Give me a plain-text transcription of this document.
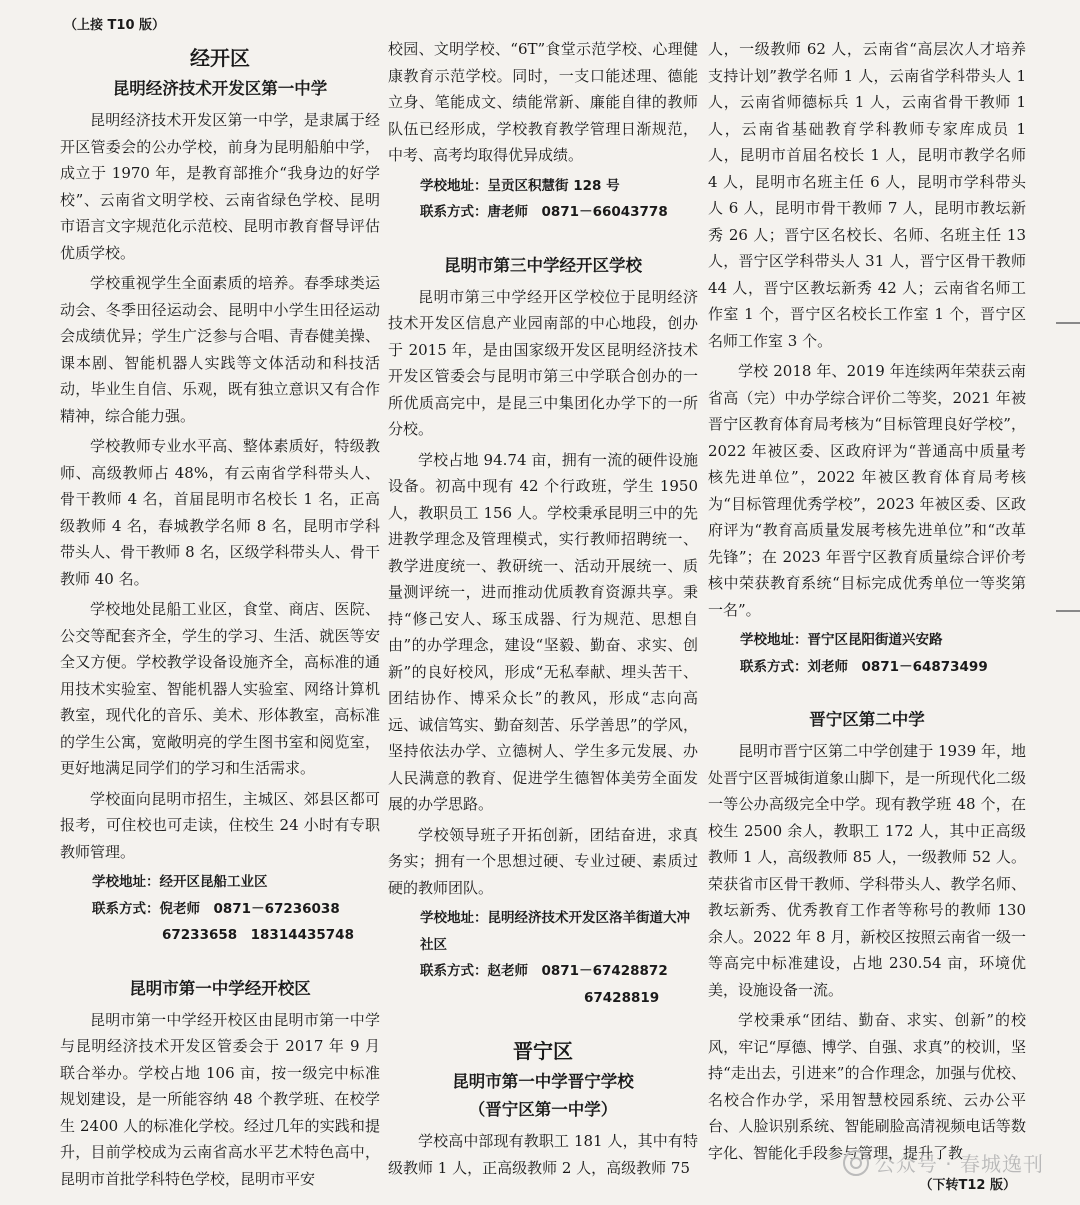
（上接 T10 版）
经开区
昆明经济技术开发区第一中学

昆明经济技术开发区第一中学，是隶属于经开区管委会的公办学校，前身为昆明船舶中学，成立于 1970 年，是教育部推介“我身边的好学校”、云南省文明学校、云南省绿色学校、昆明市语言文字规范化示范校、昆明市教育督导评估优质学校。

学校重视学生全面素质的培养。春季球类运动会、冬季田径运动会、昆明中小学生田径运动会成绩优异；学生广泛参与合唱、青春健美操、课本剧、智能机器人实践等文体活动和科技活动，毕业生自信、乐观，既有独立意识又有合作精神，综合能力强。

学校教师专业水平高、整体素质好，特级教师、高级教师占 48%，有云南省学科带头人、骨干教师 4 名，首届昆明市名校长 1 名，正高级教师 4 名，春城教学名师 8 名，昆明市学科带头人、骨干教师 8 名，区级学科带头人、骨干教师 40 名。

学校地处昆船工业区，食堂、商店、医院、公交等配套齐全，学生的学习、生活、就医等安全又方便。学校教学设备设施齐全，高标准的通用技术实验室、智能机器人实验室、网络计算机教室，现代化的音乐、美术、形体教室，高标准的学生公寓，宽敞明亮的学生图书室和阅览室，更好地满足同学们的学习和生活需求。

学校面向昆明市招生，主城区、郊县区都可报考，可住校也可走读，住校生 24 小时有专职教师管理。

学校地址：经开区昆船工业区

联系方式：倪老师　0871－67236038

67233658　18314435748

昆明市第一中学经开校区

昆明市第一中学经开校区由昆明市第一中学与昆明经济技术开发区管委会于 2017 年 9 月联合举办。学校占地 106 亩，按一级完中标准规划建设，是一所能容纳 48 个教学班、在校学生 2400 人的标准化学校。经过几年的实践和提升，目前学校成为云南省高水平艺术特色高中，昆明市首批学科特色学校，昆明市平安

校园、文明学校、“6T”食堂示范学校、心理健康教育示范学校。同时，一支口能述理、德能立身、笔能成文、绩能常新、廉能自律的教师队伍已经形成，学校教育教学管理日渐规范，中考、高考均取得优异成绩。

学校地址：呈贡区积慧街 128 号

联系方式：唐老师　0871－66043778

昆明市第三中学经开区学校

昆明市第三中学经开区学校位于昆明经济技术开发区信息产业园南部的中心地段，创办于 2015 年，是由国家级开发区昆明经济技术开发区管委会与昆明市第三中学联合创办的一所优质高完中，是昆三中集团化办学下的一所分校。

学校占地 94.74 亩，拥有一流的硬件设施设备。初高中现有 42 个行政班，学生 1950 人，教职员工 156 人。学校秉承昆明三中的先进教学理念及管理模式，实行教师招聘统一、教学进度统一、教研统一、活动开展统一、质量测评统一，进而推动优质教育资源共享。秉持“修己安人、琢玉成器、行为规范、思想自由”的办学理念，建设“坚毅、勤奋、求实、创新”的良好校风，形成“无私奉献、埋头苦干、团结协作、博采众长”的教风，形成“志向高远、诚信笃实、勤奋刻苦、乐学善思”的学风，坚持依法办学、立德树人、学生多元发展、办人民满意的教育、促进学生德智体美劳全面发展的办学思路。

学校领导班子开拓创新，团结奋进，求真务实；拥有一个思想过硬、专业过硬、素质过硬的教师团队。

学校地址：昆明经济技术开发区洛羊街道大冲社区

联系方式：赵老师　0871－67428872

67428819

晋宁区
昆明市第一中学晋宁学校
（晋宁区第一中学）

学校高中部现有教职工 181 人，其中有特级教师 1 人，正高级教师 2 人，高级教师 75

人，一级教师 62 人，云南省“高层次人才培养支持计划”教学名师 1 人，云南省学科带头人 1 人，云南省师德标兵 1 人，云南省骨干教师 1 人，云南省基础教育学科教师专家库成员 1 人，昆明市首届名校长 1 人，昆明市教学名师 4 人，昆明市名班主任 6 人，昆明市学科带头人 6 人，昆明市骨干教师 7 人，昆明市教坛新秀 26 人；晋宁区名校长、名师、名班主任 13 人，晋宁区学科带头人 31 人，晋宁区骨干教师 44 人，晋宁区教坛新秀 42 人；云南省名师工作室 1 个，晋宁区名校长工作室 1 个，晋宁区名师工作室 3 个。

学校 2018 年、2019 年连续两年荣获云南省高（完）中办学综合评价二等奖，2021 年被晋宁区教育体育局考核为“目标管理良好学校”，2022 年被区委、区政府评为“普通高中质量考核先进单位”，2022 年被区教育体育局考核为“目标管理优秀学校”，2023 年被区委、区政府评为“教育高质量发展考核先进单位”和“改革先锋”；在 2023 年晋宁区教育质量综合评价考核中荣获教育系统“目标完成优秀单位一等奖第一名”。

学校地址：晋宁区昆阳街道兴安路

联系方式：刘老师　0871－64873499

晋宁区第二中学

昆明市晋宁区第二中学创建于 1939 年，地处晋宁区晋城街道象山脚下，是一所现代化二级一等公办高级完全中学。现有教学班 48 个，在校生 2500 余人，教职工 172 人，其中正高级教师 1 人，高级教师 85 人，一级教师 52 人。荣获省市区骨干教师、学科带头人、教学名师、教坛新秀、优秀教育工作者等称号的教师 130 余人。2022 年 8 月，新校区按照云南省一级一等高完中标准建设，占地 230.54 亩，环境优美，设施设备一流。

学校秉承“团结、勤奋、求实、创新”的校风，牢记“厚德、博学、自强、求真”的校训，坚持“走出去，引进来”的合作理念，加强与优校、名校合作办学，采用智慧校园系统、云办公平台、人脸识别系统、智能刷脸高清视频电话等数字化、智能化手段参与管理，提升了教

公众号 · 春城逸刊
（下转T12 版）
